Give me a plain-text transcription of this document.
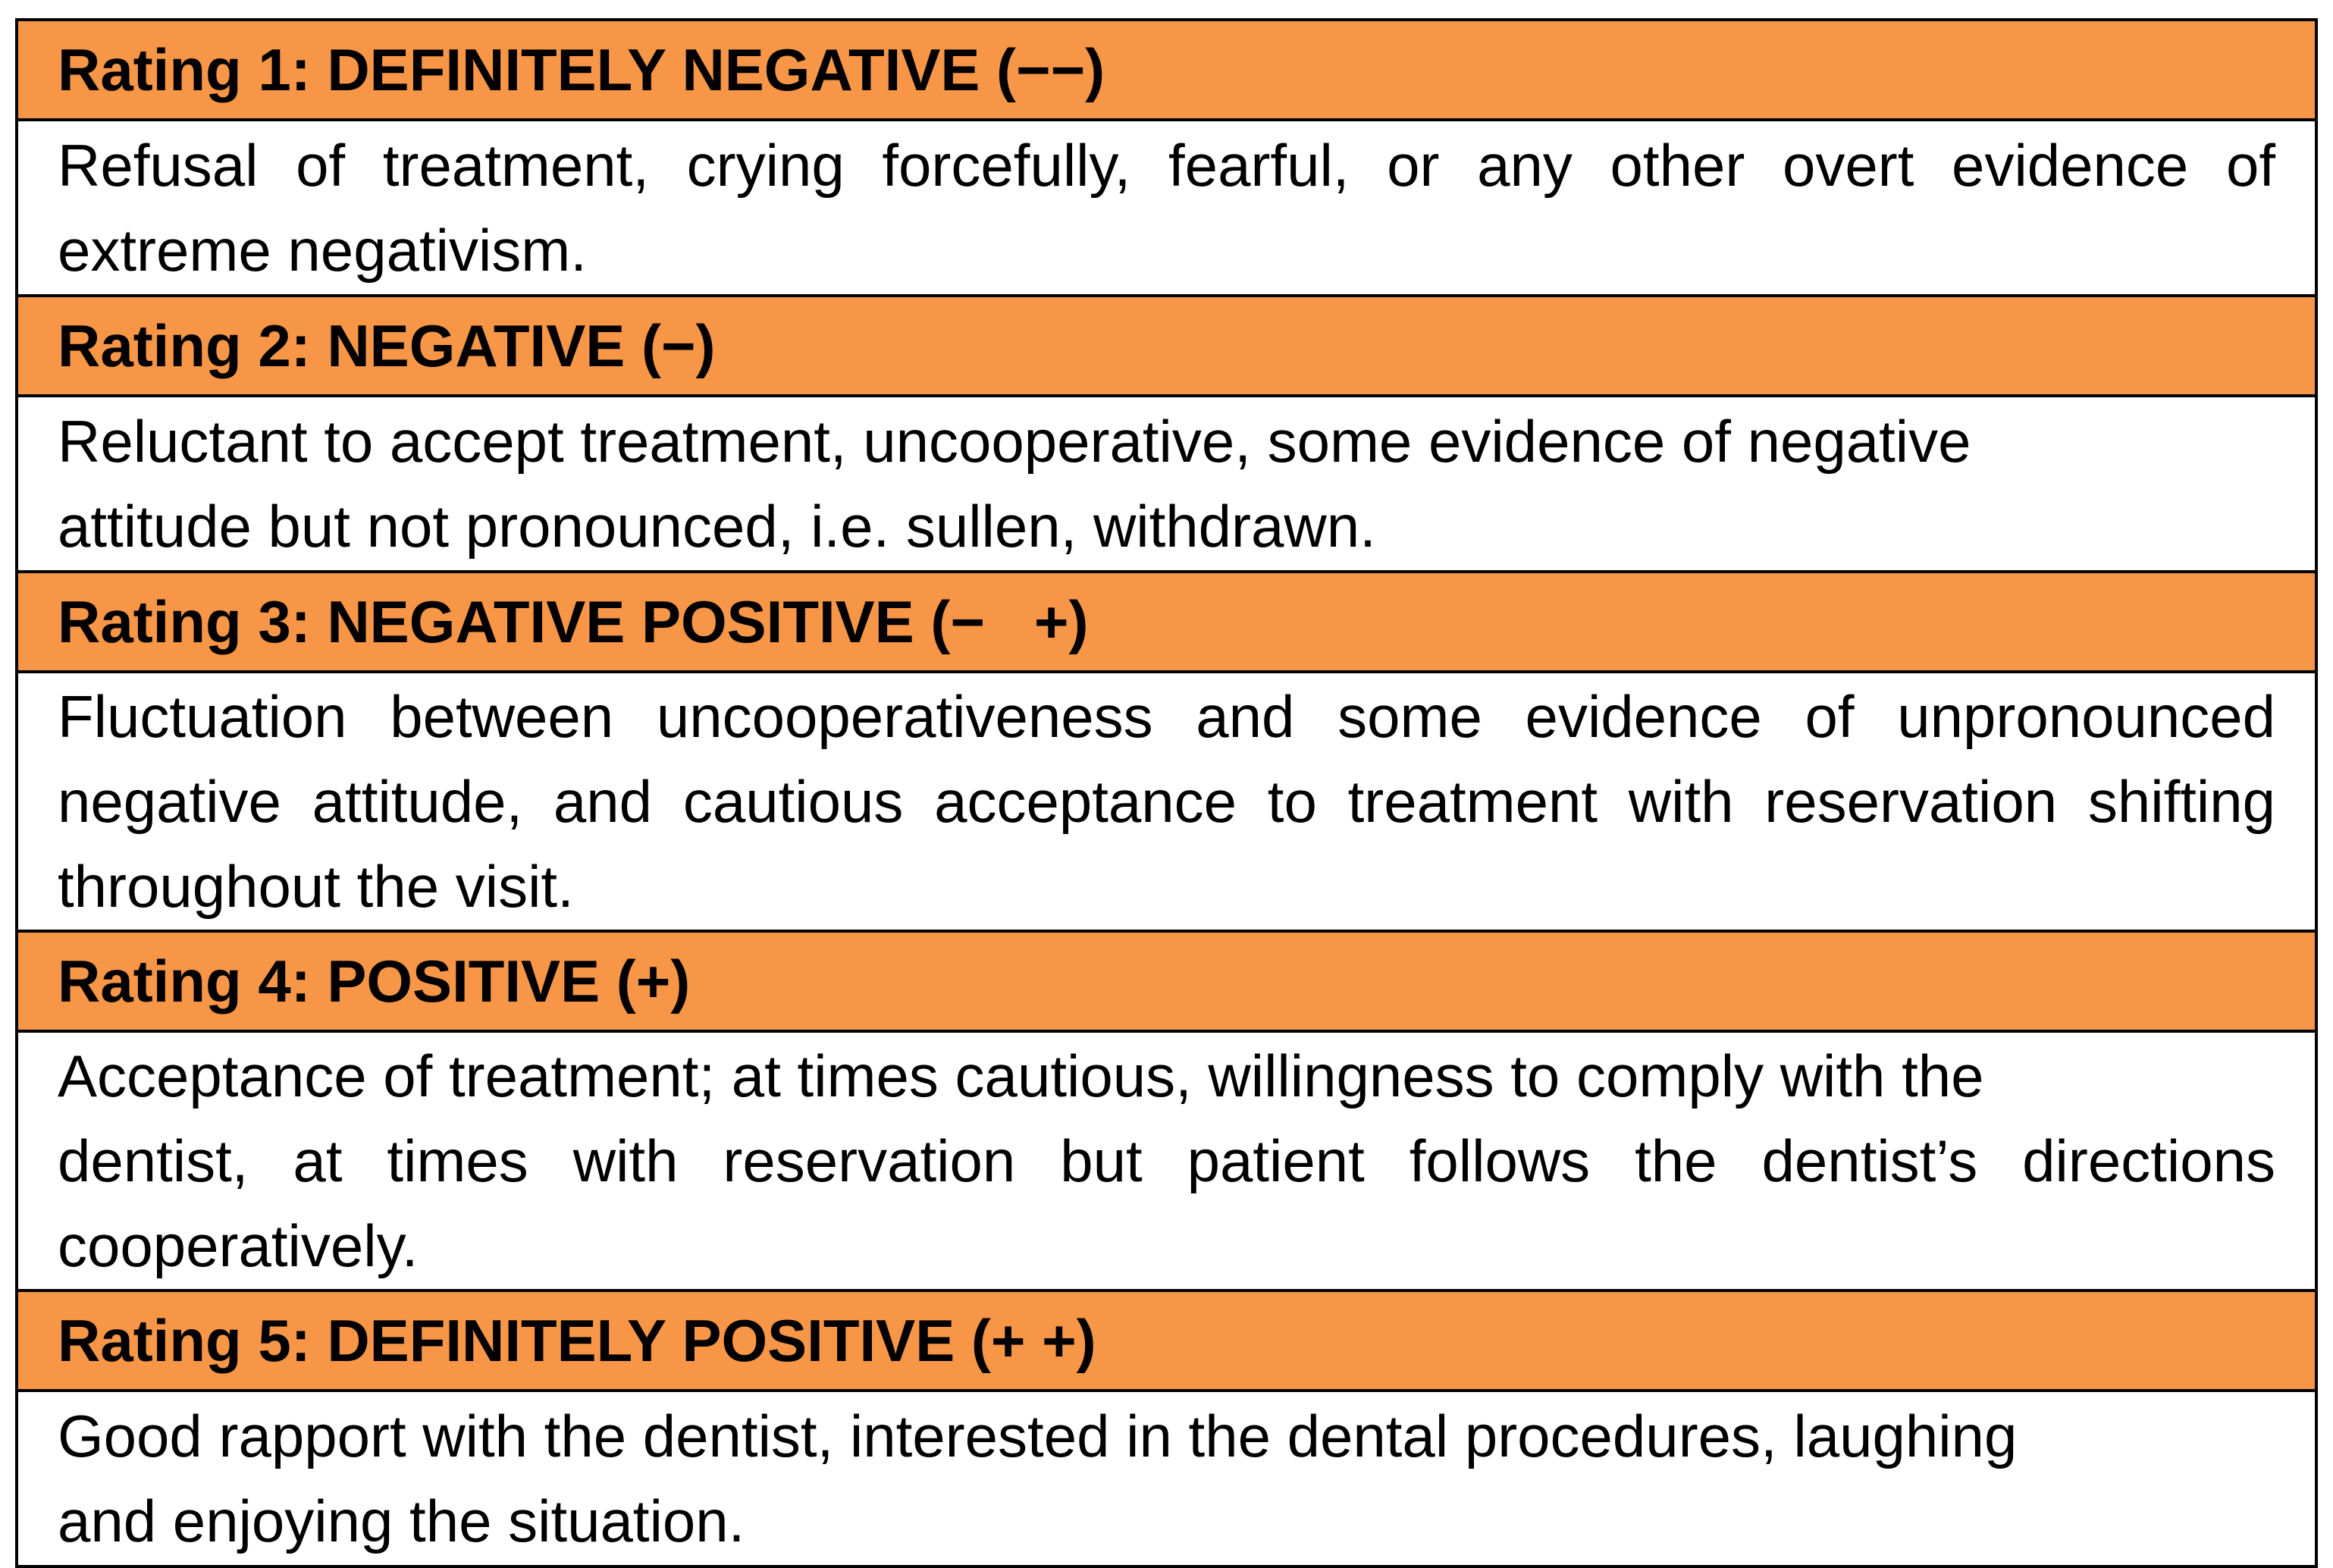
Rating 1: DEFINITELY NEGATIVE (−−)
Refusal of treatment, crying forcefully, fearful, or any other overt evidence of
extreme negativism.
Rating 2: NEGATIVE (−)
Reluctant to accept treatment, uncooperative, some evidence of negative
attitude but not pronounced, i.e. sullen, withdrawn.
Rating 3: NEGATIVE POSITIVE (−   +)
Fluctuation between uncooperativeness and some evidence of unpronounced
negative attitude, and cautious acceptance to treatment with reservation shifting
throughout the visit.
Rating 4: POSITIVE (+)
Acceptance of treatment; at times cautious, willingness to comply with the
dentist, at times with reservation but patient follows the dentist’s directions
cooperatively.
Rating 5: DEFINITELY POSITIVE (+ +)
Good rapport with the dentist, interested in the dental procedures, laughing
and enjoying the situation.
